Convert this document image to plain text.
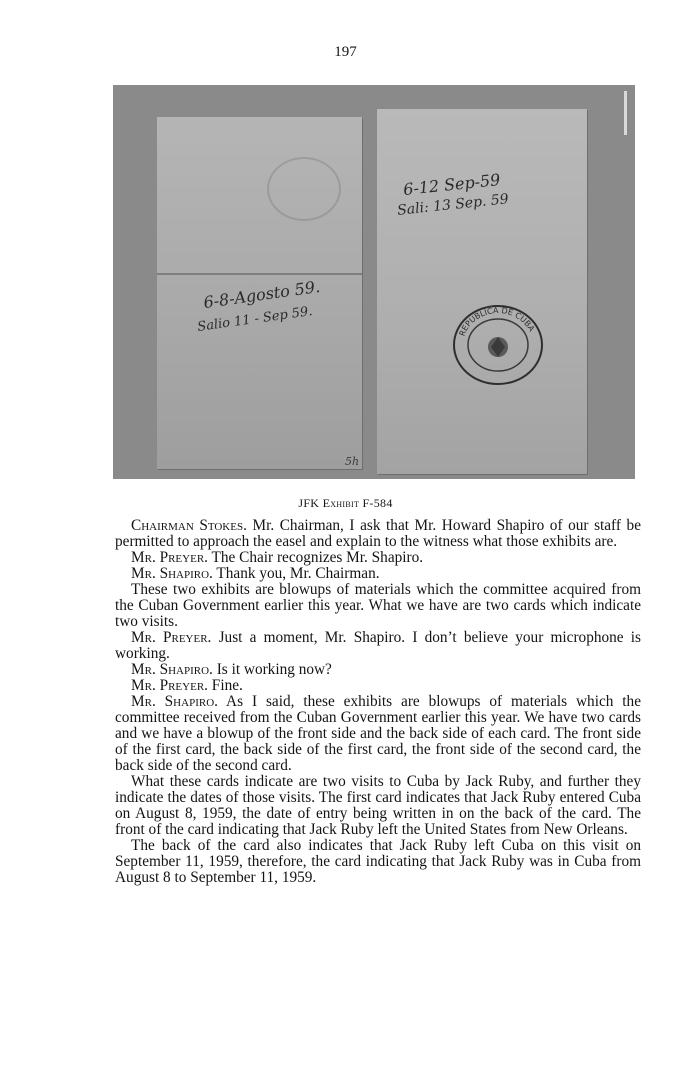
197
6-8-Agosto 59.
Salio 11 - Sep 59.
6-12 Sep-59
Sali: 13 Sep. 59
REPUBLICA DE CUBA
5h
JFK Exhibit F-584

Chairman Stokes. Mr. Chairman, I ask that Mr. Howard Shapiro of our staff be permitted to approach the easel and explain to the witness what those exhibits are.

Mr. Preyer. The Chair recognizes Mr. Shapiro.

Mr. Shapiro. Thank you, Mr. Chairman.

These two exhibits are blowups of materials which the committee acquired from the Cuban Government earlier this year. What we have are two cards which indicate two visits.

Mr. Preyer. Just a moment, Mr. Shapiro. I don’t believe your microphone is working.

Mr. Shapiro. Is it working now?

Mr. Preyer. Fine.

Mr. Shapiro. As I said, these exhibits are blowups of materials which the committee received from the Cuban Government earlier this year. We have two cards and we have a blowup of the front side and the back side of each card. The front side of the first card, the back side of the first card, the front side of the second card, the back side of the second card.

What these cards indicate are two visits to Cuba by Jack Ruby, and further they indicate the dates of those visits. The first card indicates that Jack Ruby entered Cuba on August 8, 1959, the date of entry being written in on the back of the card. The front of the card indicating that Jack Ruby left the United States from New Orleans.

The back of the card also indicates that Jack Ruby left Cuba on this visit on September 11, 1959, therefore, the card indicating that Jack Ruby was in Cuba from August 8 to September 11, 1959.
